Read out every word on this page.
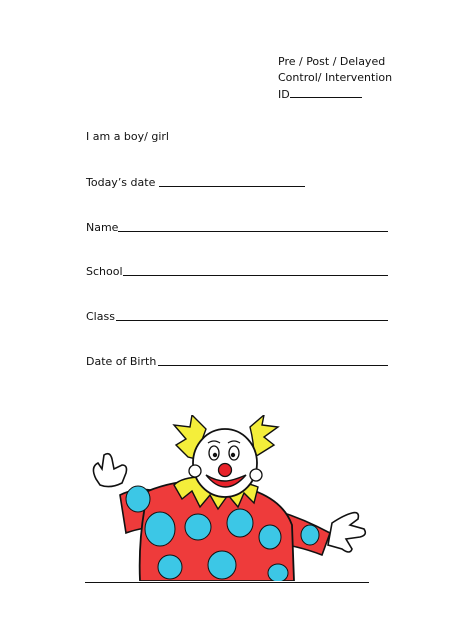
Pre / Post / Delayed
Control/ Intervention
ID
I am a boy/ girl
Today’s date
Name
School
Class
Date of Birth
